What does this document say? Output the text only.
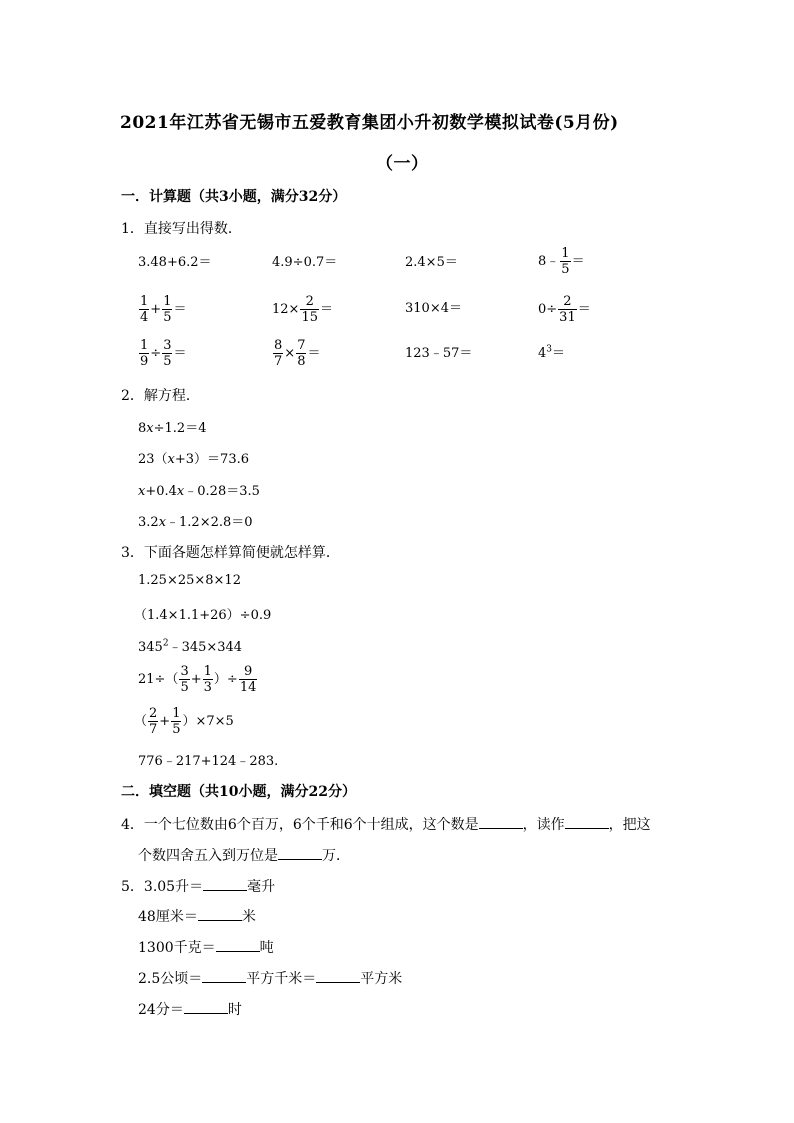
2021年江苏省无锡市五爱教育集团小升初数学模拟试卷(5月份)
（一）
一．计算题（共3小题，满分32分）
1．直接写出得数．
3.48+6.2＝	4.9÷0.7＝	2.4×5＝	8﹣ $\frac{1}{5}$ ＝
$\frac{1}{4} + \frac{1}{5}$ ＝	$12\times \frac{2}{15}$ ＝	310×4＝	$0\div \frac{2}{31}$ ＝
$\frac{1}{9} \div \frac{3}{5}$ ＝	$\frac{8}{7} \times \frac{7}{8}$ ＝	123﹣57＝	$4^3=$
2．解方程．
8x÷1.2＝4
23（x+3）＝73.6
x+0.4x﹣0.28＝3.5
3.2x﹣1.2×2.8＝0
3．下面各题怎样算简便就怎样算．
1.25×25×8×12
（1.4×1.1+26）÷0.9
$345^2﹣345\times 344$
$21\div( \frac{3}{5} + \frac{1}{3}$ ）÷ $\frac{9}{14}$
（ $\frac{2}{7} + \frac{1}{5} )\times 7\times 5$
776﹣217+124﹣283.
二．填空题（共10小题，满分22分）
4．一个七位数由6个百万，6个千和6个十组成，这个数是	，读作	，把这
个数四舍五入到万位是	万．
5．3.05升＝	毫升
48厘米＝	米
1300千克＝	吨
2.5公顷＝	平方千米＝	平方米
24分＝	时
